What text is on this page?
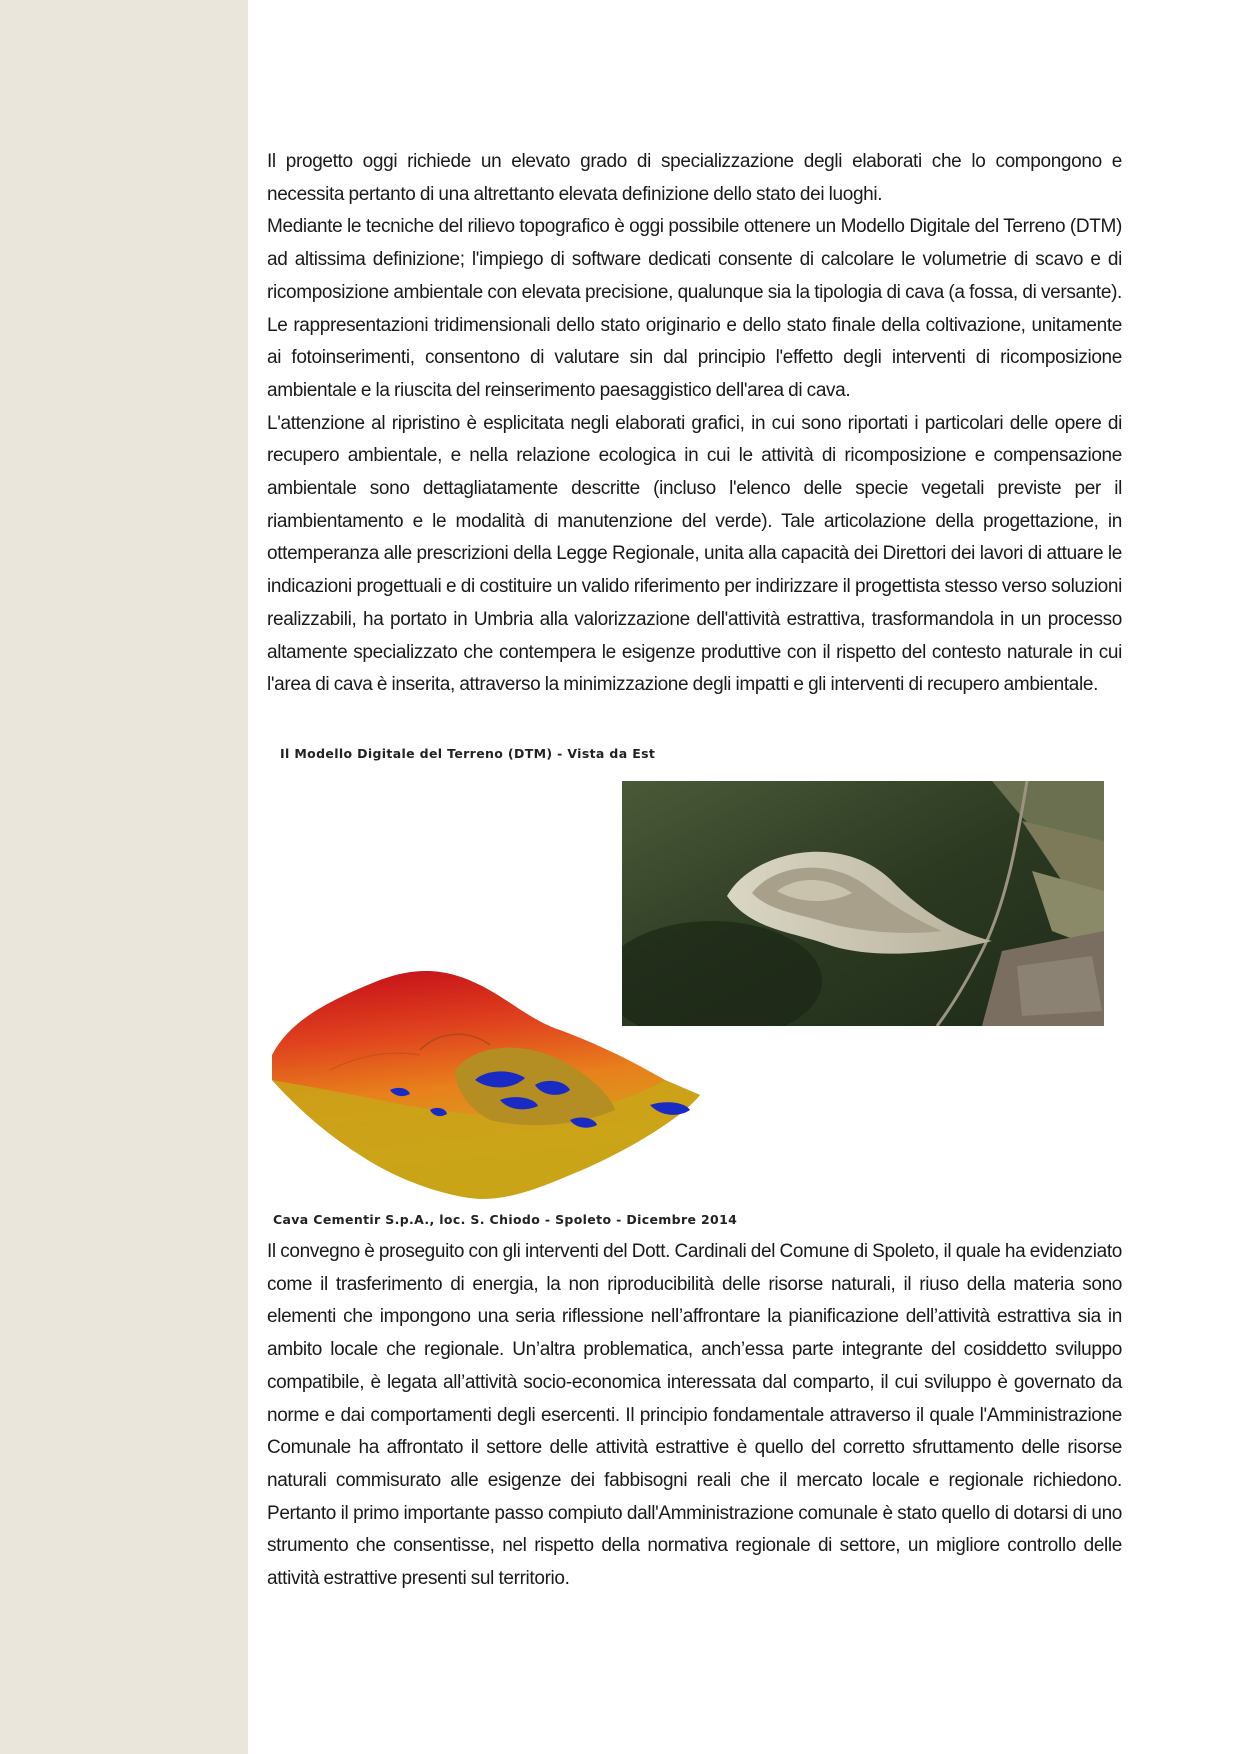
Il progetto oggi richiede un elevato grado di specializzazione degli elaborati che lo compongono e necessita pertanto di una altrettanto elevata definizione dello stato dei luoghi.

Mediante le tecniche del rilievo topografico è oggi possibile ottenere un Modello Digitale del Terreno (DTM) ad altissima definizione; l'impiego di software dedicati consente di calcolare le volumetrie di scavo e di ricomposizione ambientale con elevata precisione, qualunque sia la tipologia di cava (a fossa, di versante). Le rappresentazioni tridimensionali dello stato originario e dello stato finale della coltivazione, unitamente ai fotoinserimenti, consentono di valutare sin dal principio l'effetto degli interventi di ricomposizione ambientale e la riuscita del reinserimento paesaggistico dell'area di cava.

L'attenzione al ripristino è esplicitata negli elaborati grafici, in cui sono riportati i particolari delle opere di recupero ambientale, e nella relazione ecologica in cui le attività di ricomposizione e compensazione ambientale sono dettagliatamente descritte (incluso l'elenco delle specie vegetali previste per il riambientamento e le modalità di manutenzione del verde). Tale articolazione della progettazione, in ottemperanza alle prescrizioni della Legge Regionale, unita alla capacità dei Direttori dei lavori di attuare le indicazioni progettuali e di costituire un valido riferimento per indirizzare il progettista stesso verso soluzioni realizzabili, ha portato in Umbria alla valorizzazione dell'attività estrattiva, trasformandola in un processo altamente specializzato che contempera le esigenze produttive con il rispetto del contesto naturale in cui l'area di cava è inserita, attraverso la minimizzazione degli impatti e gli interventi di recupero ambientale.

Il Modello Digitale del Terreno (DTM) - Vista da Est
Cava Cementir S.p.A., loc. S. Chiodo - Spoleto - Dicembre 2014

Il convegno è proseguito con gli interventi del Dott. Cardinali del Comune di Spoleto, il quale ha evidenziato come il trasferimento di energia, la non riproducibilità delle risorse naturali, il riuso della materia sono elementi che impongono una seria riflessione nell’affrontare la pianificazione dell’attività estrattiva sia in ambito locale che regionale. Un’altra problematica, anch’essa parte integrante del cosiddetto sviluppo compatibile, è legata all’attività socio-economica interessata dal comparto, il cui sviluppo è governato da norme e dai comportamenti degli esercenti. Il principio fondamentale attraverso il quale l'Amministrazione Comunale ha affrontato il settore delle attività estrattive è quello del corretto sfruttamento delle risorse naturali commisurato alle esigenze dei fabbisogni reali che il mercato locale e regionale richiedono. Pertanto il primo importante passo compiuto dall'Amministrazione comunale è stato quello di dotarsi di uno strumento che consentisse, nel rispetto della normativa regionale di settore, un migliore controllo delle attività estrattive presenti sul territorio.
